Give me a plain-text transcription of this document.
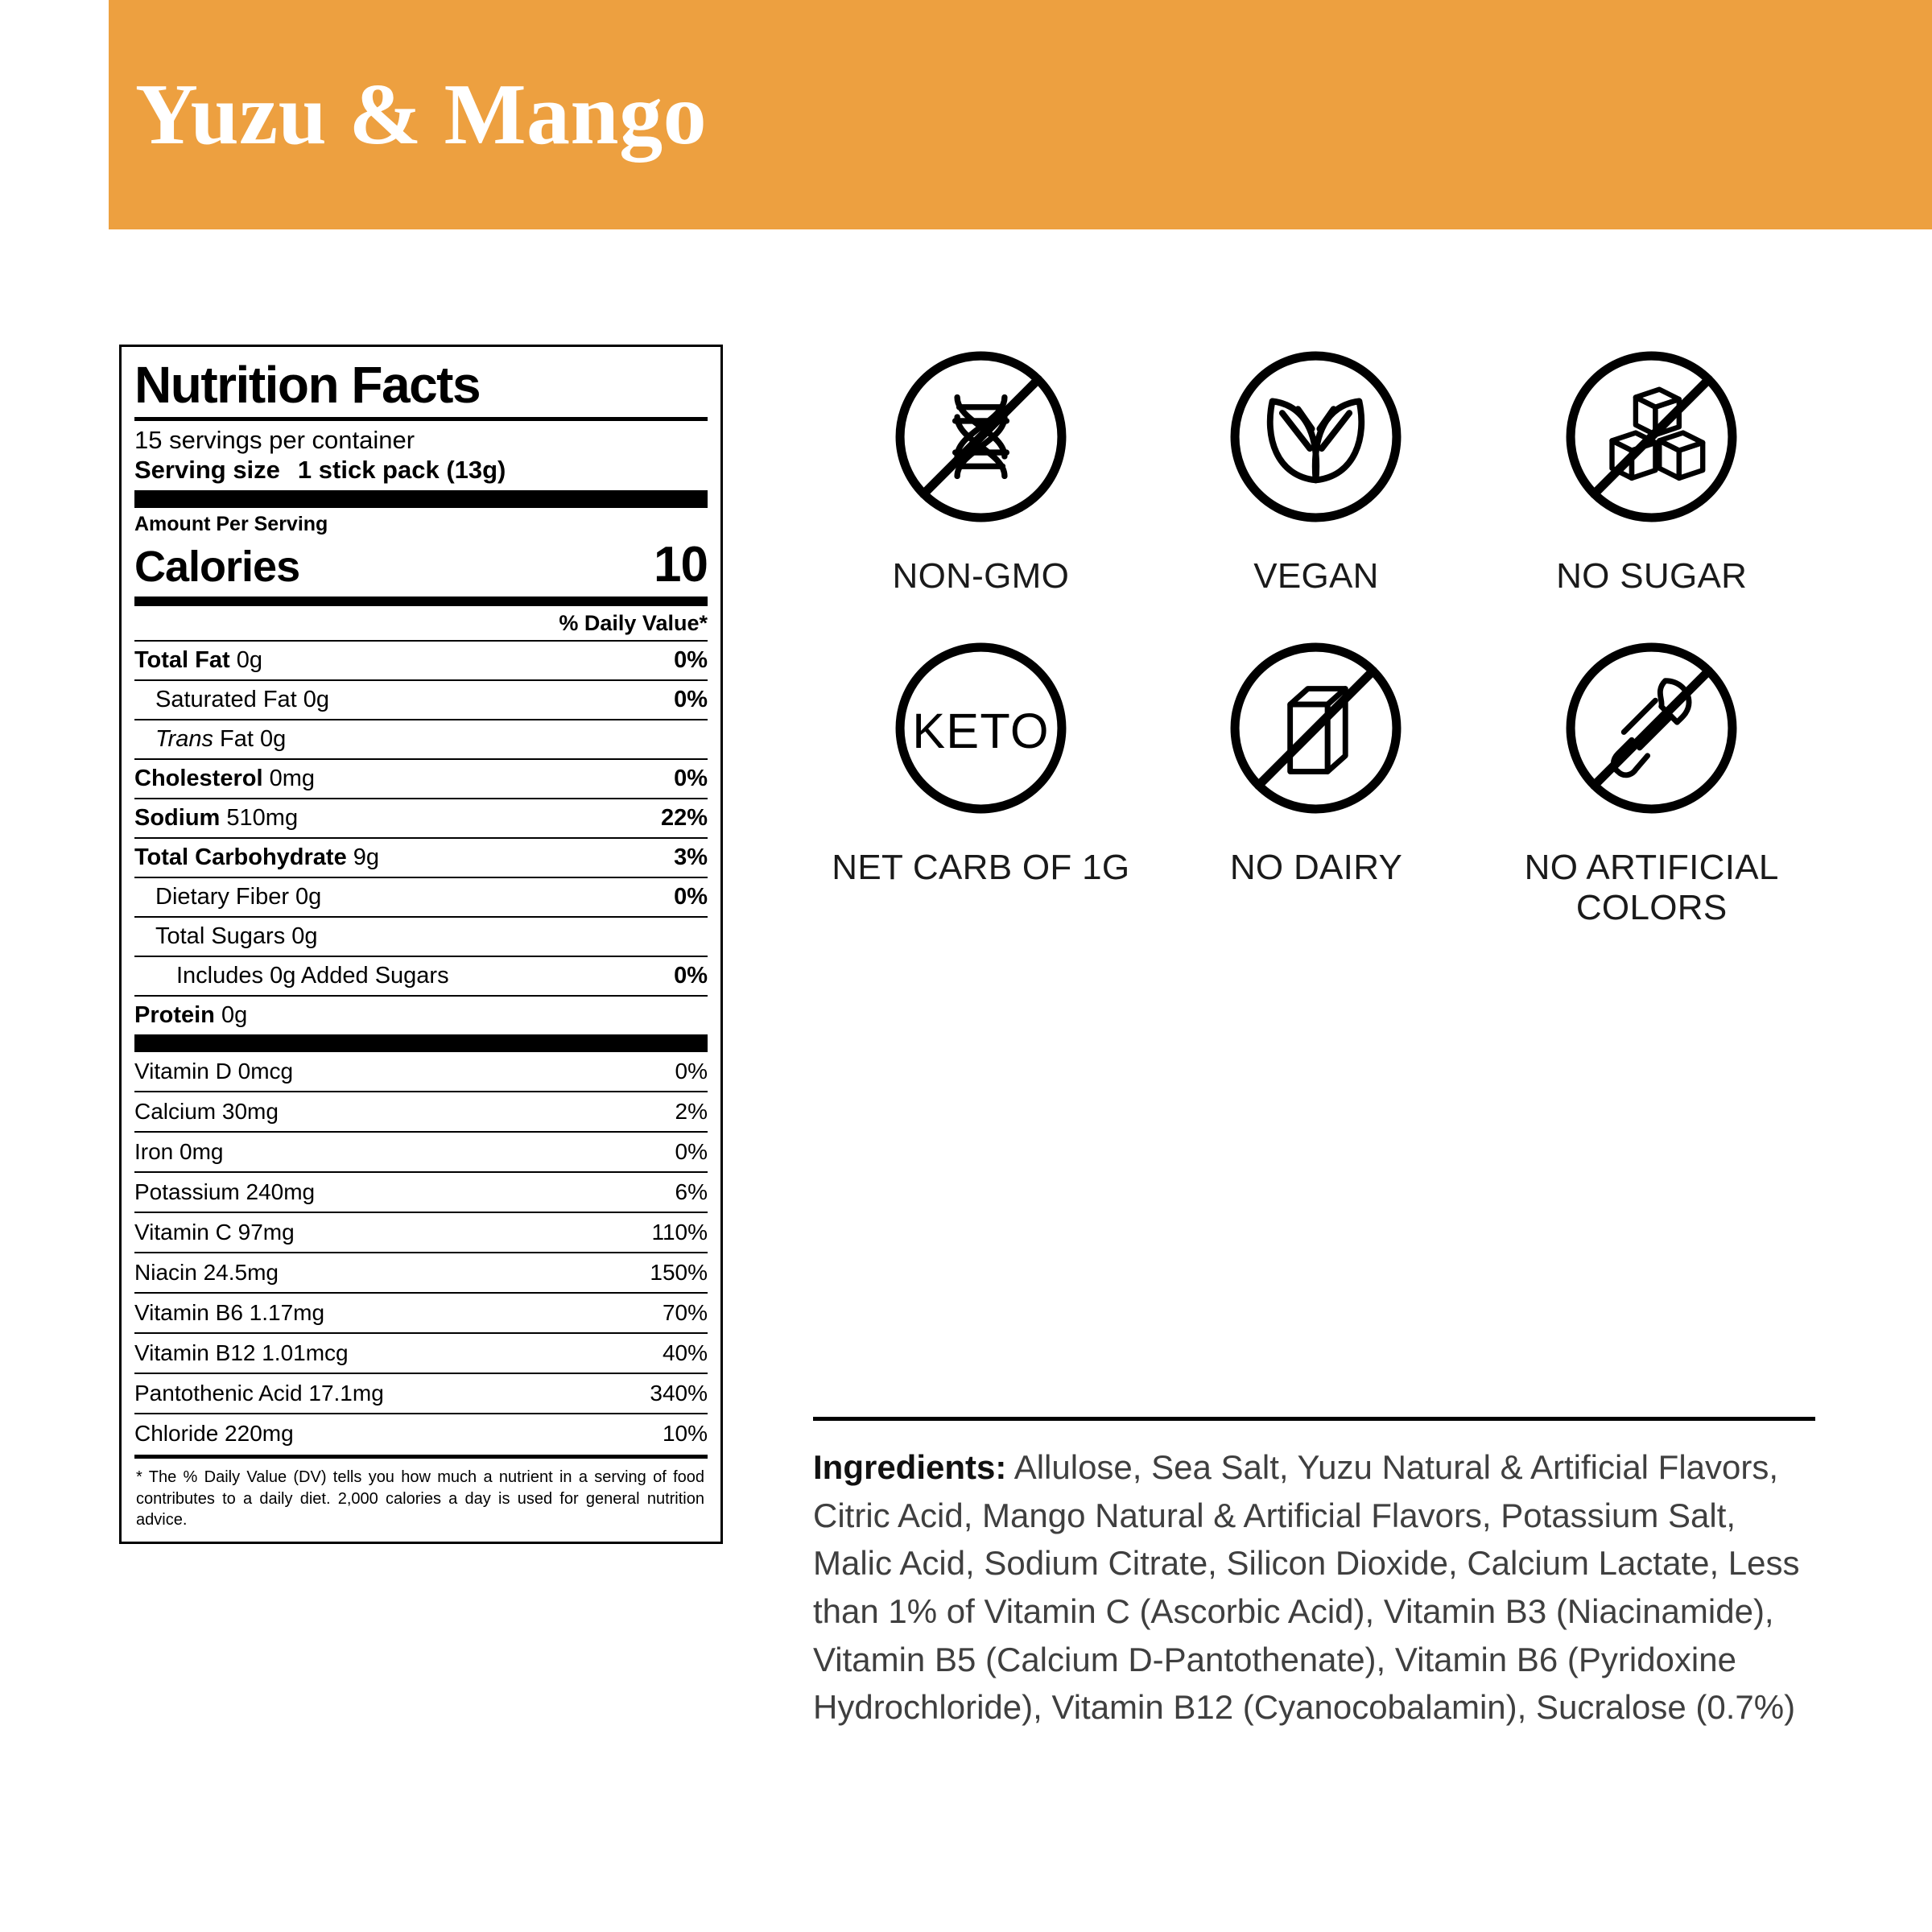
Yuzu & Mango
Nutrition Facts
15 servings per container
Serving size 1 stick pack (13g)
Amount Per Serving
Calories	10
% Daily Value*
Total Fat 0g	0%
Saturated Fat 0g	0%
Trans Fat 0g
Cholesterol 0mg	0%
Sodium 510mg	22%
Total Carbohydrate 9g	3%
Dietary Fiber 0g	0%
Total Sugars 0g
Includes 0g Added Sugars	0%
Protein 0g
Vitamin D 0mcg	0%
Calcium 30mg	2%
Iron 0mg	0%
Potassium 240mg	6%
Vitamin C 97mg	110%
Niacin 24.5mg	150%
Vitamin B6 1.17mg	70%
Vitamin B12 1.01mcg	40%
Pantothenic Acid 17.1mg	340%
Chloride 220mg	10%
* The % Daily Value (DV) tells you how much a nutrient in a serving of food contributes to a daily diet. 2,000 calories a day is used for general nutrition advice.
NON-GMO	VEGAN	NO SUGAR
KETO
NET CARB OF 1G	NO DAIRY	NO ARTIFICIAL COLORS
Ingredients: Allulose, Sea Salt, Yuzu Natural & Artificial Flavors, Citric Acid, Mango Natural & Artificial Flavors, Potassium Salt, Malic Acid, Sodium Citrate, Silicon Dioxide, Calcium Lactate, Less than 1% of Vitamin C (Ascorbic Acid), Vitamin B3 (Niacinamide), Vitamin B5 (Calcium D-Pantothenate), Vitamin B6 (Pyridoxine Hydrochloride), Vitamin B12 (Cyanocobalamin), Sucralose (0.7%)
